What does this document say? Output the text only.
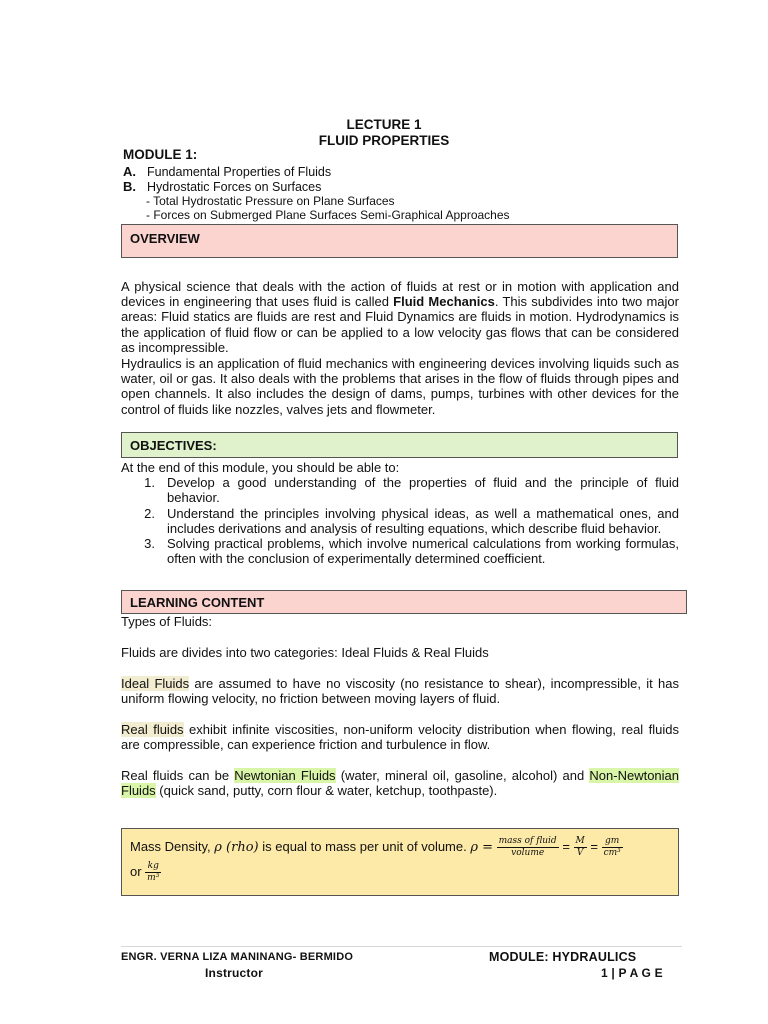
LECTURE 1
FLUID PROPERTIES
MODULE 1:
A. Fundamental Properties of Fluids
B. Hydrostatic Forces on Surfaces
- Total Hydrostatic Pressure on Plane Surfaces
- Forces on Submerged Plane Surfaces Semi-Graphical Approaches
OVERVIEW
A physical science that deals with the action of fluids at rest or in motion with application and devices in engineering that uses fluid is called Fluid Mechanics. This subdivides into two major areas: Fluid statics are fluids are rest and Fluid Dynamics are fluids in motion. Hydrodynamics is the application of fluid flow or can be applied to a low velocity gas flows that can be considered as incompressible.
Hydraulics is an application of fluid mechanics with engineering devices involving liquids such as water, oil or gas. It also deals with the problems that arises in the flow of fluids through pipes and open channels. It also includes the design of dams, pumps, turbines with other devices for the control of fluids like nozzles, valves jets and flowmeter.
OBJECTIVES:
At the end of this module, you should be able to:
1. Develop a good understanding of the properties of fluid and the principle of fluid behavior.
2. Understand the principles involving physical ideas, as well a mathematical ones, and includes derivations and analysis of resulting equations, which describe fluid behavior.
3. Solving practical problems, which involve numerical calculations from working formulas, often with the conclusion of experimentally determined coefficient.
LEARNING CONTENT
Types of Fluids:
Fluids are divides into two categories: Ideal Fluids & Real Fluids
Ideal Fluids are assumed to have no viscosity (no resistance to shear), incompressible, it has uniform flowing velocity, no friction between moving layers of fluid.
Real fluids exhibit infinite viscosities, non-uniform velocity distribution when flowing, real fluids are compressible, can experience friction and turbulence in flow.
Real fluids can be Newtonian Fluids (water, mineral oil, gasoline, alcohol) and Non-Newtonian Fluids (quick sand, putty, corn flour & water, ketchup, toothpaste).
Mass Density, ρ (rho) is equal to mass per unit of volume. $\rho = \frac{\text{mass of fluid}}{\text{volume}} = \frac{M}{V} = \frac{gm}{\text{cm³}}$

or $\frac{kg}{\text{m³}}$
ENGR. VERNA LIZA MANINANG- BERMIDO
Instructor
MODULE: HYDRAULICS
1 | P A G E
